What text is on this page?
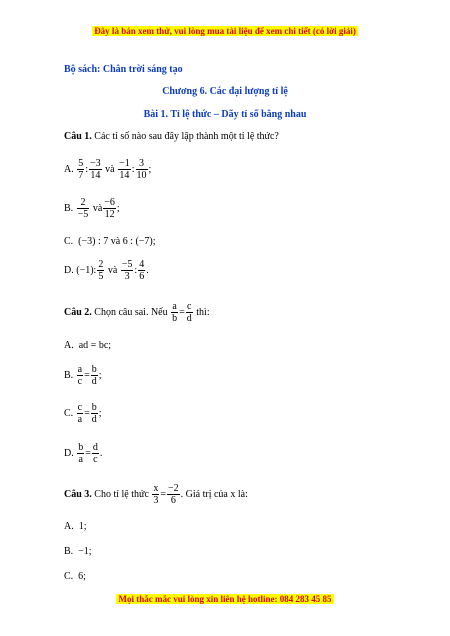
Đây là bản xem thử, vui lòng mua tài liệu để xem chi tiết (có lời giải)
Bộ sách: Chân trời sáng tạo
Chương 6. Các đại lượng tỉ lệ
Bài 1. Tỉ lệ thức – Dãy tỉ số bằng nhau
Câu 1. Các tỉ số nào sau đây lập thành một tỉ lệ thức?
A.
$\frac{5}{7}$ : $\frac{-3}{14}$
và
$\frac{-1}{14}$ : $\frac{3}{10}$ ;
B.
$\frac{2}{-5}$
và $\frac{-6}{12}$ ;
C. (−3) : 7 và 6 : (−7);
D.
(−1): $\frac{2}{5}$
và
$\frac{-5}{3}$ : $\frac{4}{6}$ .
Câu 2.
Chọn câu sai. Nếu
$\frac{a}{b} = \frac{c}{d}$
thì:
A. ad = bc;
B.
$\frac{a}{c} = \frac{b}{d}$ ;
C.
$\frac{c}{a} = \frac{b}{d}$ ;
D.
$\frac{b}{a} = \frac{d}{c}$ .
Câu 3.
Cho tỉ lệ thức
$\frac{x}{3} = \frac{-2}{6}$ . Giá trị của x là:
A. 1;
B. −1;
C. 6;
Mọi thắc mắc vui lòng xin liên hệ hotline: 084 283 45 85
